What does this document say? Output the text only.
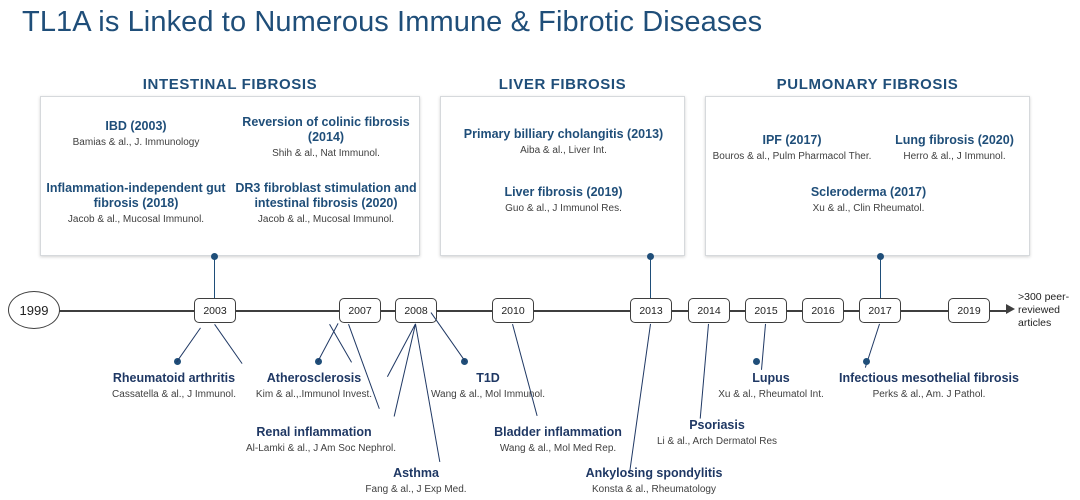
TL1A is Linked to Numerous Immune & Fibrotic Diseases
INTESTINAL FIBROSIS	LIVER FIBROSIS	PULMONARY FIBROSIS
IBD (2003)
Bamias & al., J. Immunology
Reversion of colinic fibrosis (2014)
Shih & al., Nat Immunol.
Inflammation-independent gut fibrosis (2018)
Jacob & al., Mucosal Immunol.
DR3 fibroblast stimulation and intestinal fibrosis (2020)
Jacob & al., Mucosal Immunol.
Primary billiary cholangitis (2013)
Aiba & al., Liver Int.
Liver fibrosis (2019)
Guo & al., J Immunol Res.
IPF (2017)
Bouros & al., Pulm Pharmacol Ther.
Lung fibrosis (2020)
Herro & al., J Immunol.
Scleroderma (2017)
Xu & al., Clin Rheumatol.
1999	2003	2007	2008	2010	2013	2014	2015	2016	2017	2019
>300 peer-reviewed articles
Rheumatoid arthritis
Cassatella & al., J Immunol.
Atherosclerosis
Kim & al.,.Immunol Invest.
Renal inflammation
Al-Lamki & al., J Am Soc Nephrol.
Asthma
Fang & al., J Exp Med.
T1D
Wang & al., Mol Immunol.
Bladder inflammation
Wang & al., Mol Med Rep.
Ankylosing spondylitis
Konsta & al., Rheumatology
Psoriasis
Li & al., Arch Dermatol Res
Lupus
Xu & al., Rheumatol Int.
Infectious mesothelial fibrosis
Perks & al., Am. J Pathol.
